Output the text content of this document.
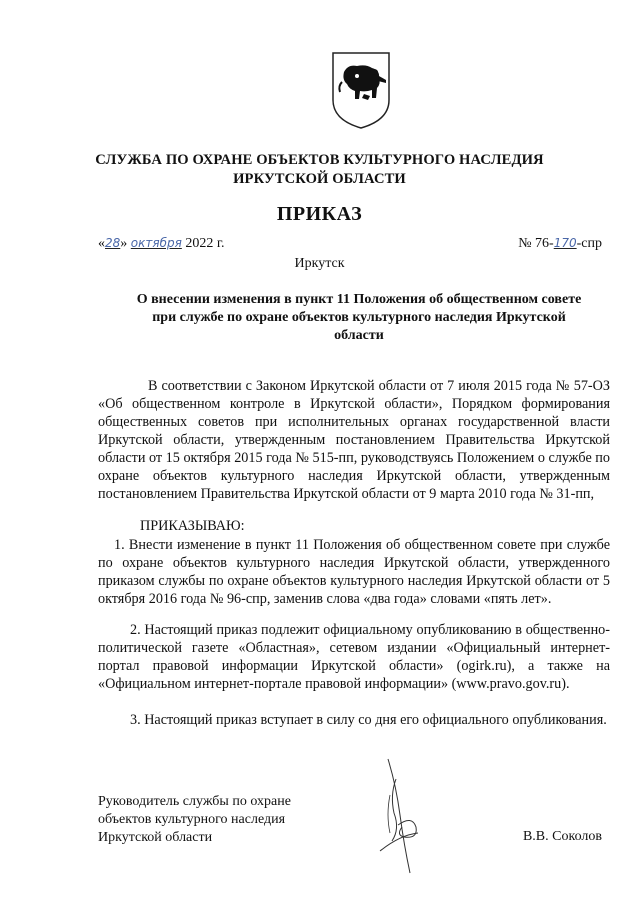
СЛУЖБА ПО ОХРАНЕ ОБЪЕКТОВ КУЛЬТУРНОГО НАСЛЕДИЯ
ИРКУТСКОЙ ОБЛАСТИ
ПРИКАЗ
«28» октября 2022 г.	№ 76-170-спр
Иркутск
О внесении изменения в пункт 11 Положения об общественном совете
при службе по охране объектов культурного наследия Иркутской
области
В соответствии с Законом Иркутской области от 7 июля 2015 года № 57-ОЗ «Об общественном контроле в Иркутской области», Порядком формирования общественных советов при исполнительных органах государственной власти Иркутской области, утвержденным постановлением Правительства Иркутской области от 15 октября 2015 года № 515-пп, руководствуясь Положением о службе по охране объектов культурного наследия Иркутской области, утвержденным постановлением Правительства Иркутской области от 9 марта 2010 года № 31-пп,
ПРИКАЗЫВАЮ:
1. Внести изменение в пункт 11 Положения об общественном совете при службе по охране объектов культурного наследия Иркутской области, утвержденного приказом службы по охране объектов культурного наследия Иркутской области от 5 октября 2016 года № 96-спр, заменив слова «два года» словами «пять лет».
2. Настоящий приказ подлежит официальному опубликованию в общественно-политической газете «Областная», сетевом издании «Официальный интернет-портал правовой информации Иркутской области» (ogirk.ru), а также на «Официальном интернет-портале правовой информации» (www.pravo.gov.ru).
3. Настоящий приказ вступает в силу со дня его официального опубликования.
Руководитель службы по охране
объектов культурного наследия
Иркутской области	В.В. Соколов
